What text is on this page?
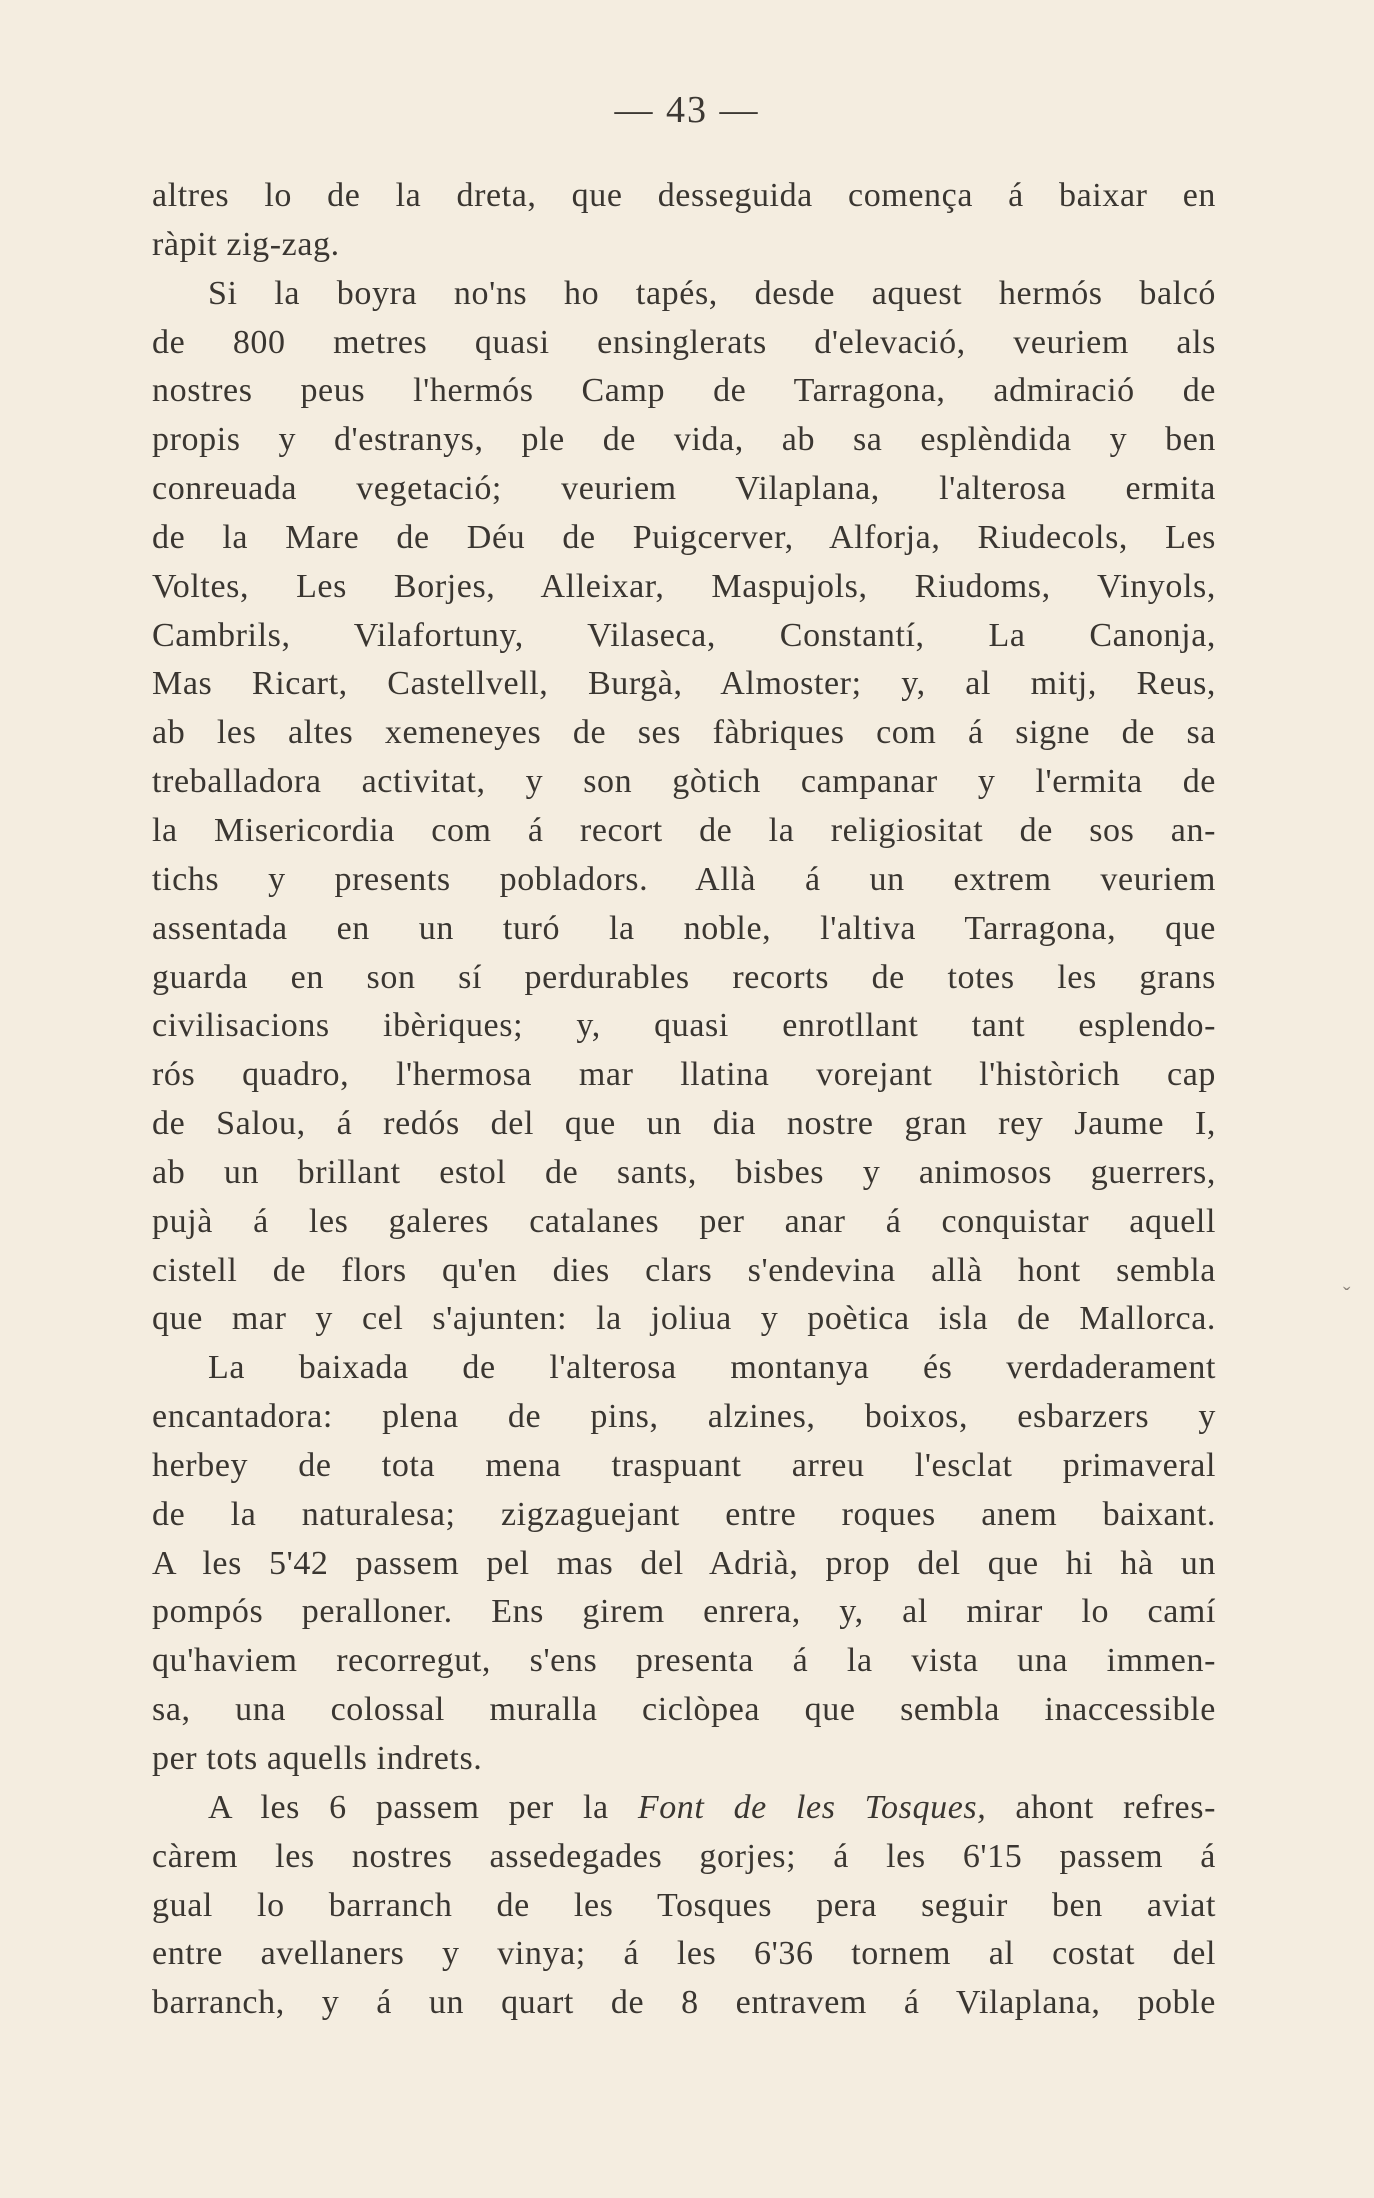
— 43 —
altres lo de la dreta, que desseguida comença á baixar en
ràpit zig-zag.
Si la boyra no'ns ho tapés, desde aquest hermós balcó
de 800 metres quasi ensinglerats d'elevació, veuriem als
nostres peus l'hermós Camp de Tarragona, admiració de
propis y d'estranys, ple de vida, ab sa esplèndida y ben
conreuada vegetació; veuriem Vilaplana, l'alterosa ermita
de la Mare de Déu de Puigcerver, Alforja, Riudecols, Les
Voltes, Les Borjes, Alleixar, Maspujols, Riudoms, Vinyols,
Cambrils, Vilafortuny, Vilaseca, Constantí, La Canonja,
Mas Ricart, Castellvell, Burgà, Almoster; y, al mitj, Reus,
ab les altes xemeneyes de ses fàbriques com á signe de sa
treballadora activitat, y son gòtich campanar y l'ermita de
la Misericordia com á recort de la religiositat de sos an-
tichs y presents pobladors. Allà á un extrem veuriem
assentada en un turó la noble, l'altiva Tarragona, que
guarda en son sí perdurables recorts de totes les grans
civilisacions ibèriques; y, quasi enrotllant tant esplendo-
rós quadro, l'hermosa mar llatina vorejant l'històrich cap
de Salou, á redós del que un dia nostre gran rey Jaume I,
ab un brillant estol de sants, bisbes y animosos guerrers,
pujà á les galeres catalanes per anar á conquistar aquell
cistell de flors qu'en dies clars s'endevina allà hont sembla
que mar y cel s'ajunten: la joliua y poètica isla de Mallorca.
La baixada de l'alterosa montanya és verdaderament
encantadora: plena de pins, alzines, boixos, esbarzers y
herbey de tota mena traspuant arreu l'esclat primaveral
de la naturalesa; zigzaguejant entre roques anem baixant.
A les 5'42 passem pel mas del Adrià, prop del que hi hà un
pompós peralloner. Ens girem enrera, y, al mirar lo camí
qu'haviem recorregut, s'ens presenta á la vista una immen-
sa, una colossal muralla ciclòpea que sembla inaccessible
per tots aquells indrets.
A les 6 passem per la Font de les Tosques, ahont refres-
càrem les nostres assedegades gorjes; á les 6'15 passem á
gual lo barranch de les Tosques pera seguir ben aviat
entre avellaners y vinya; á les 6'36 tornem al costat del
barranch, y á un quart de 8 entravem á Vilaplana, poble
ˇ
